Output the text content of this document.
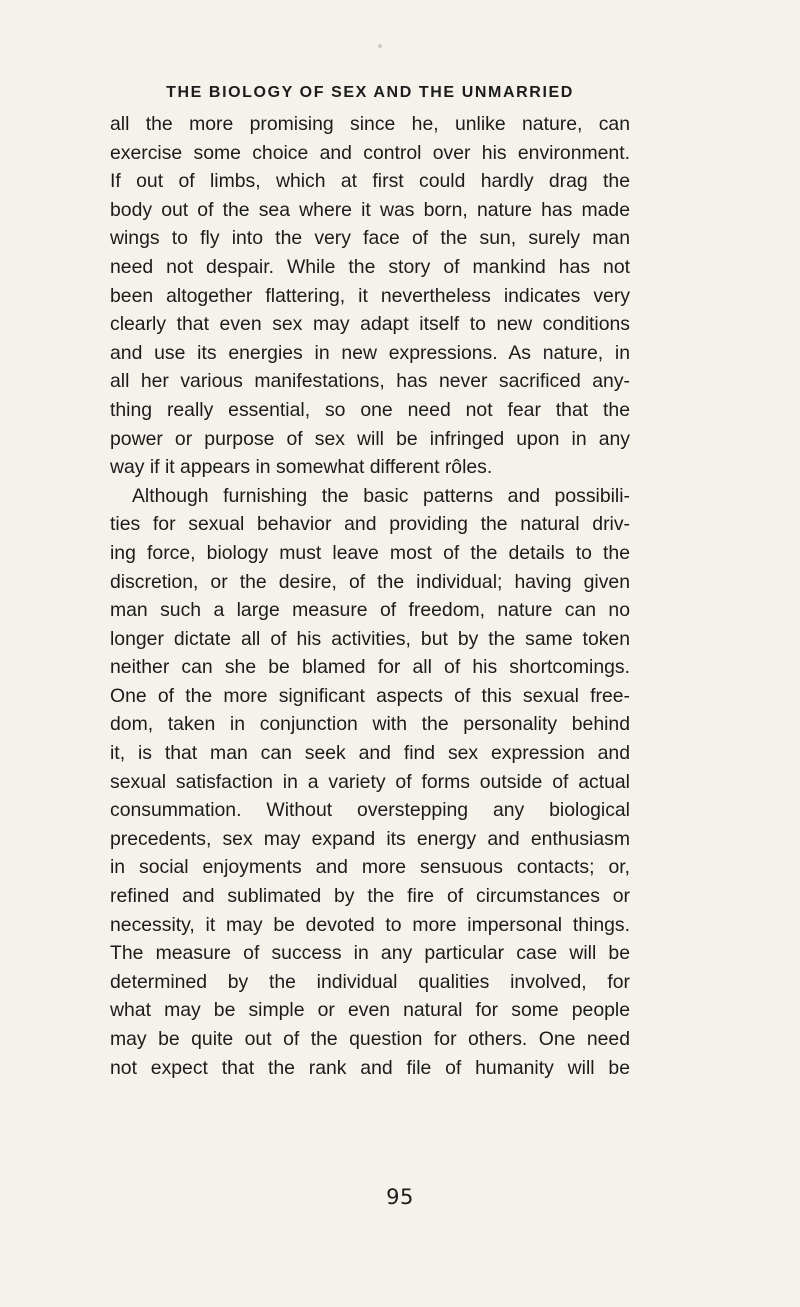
THE BIOLOGY OF SEX AND THE UNMARRIED
all the more promising since he, unlike nature, can
exercise some choice and control over his environment.
If out of limbs, which at first could hardly drag the
body out of the sea where it was born, nature has made
wings to fly into the very face of the sun, surely man
need not despair. While the story of mankind has not
been altogether flattering, it nevertheless indicates very
clearly that even sex may adapt itself to new conditions
and use its energies in new expressions. As nature, in
all her various manifestations, has never sacrificed any-
thing really essential, so one need not fear that the
power or purpose of sex will be infringed upon in any
way if it appears in somewhat different rôles.
Although furnishing the basic patterns and possibili-
ties for sexual behavior and providing the natural driv-
ing force, biology must leave most of the details to the
discretion, or the desire, of the individual; having given
man such a large measure of freedom, nature can no
longer dictate all of his activities, but by the same token
neither can she be blamed for all of his shortcomings.
One of the more significant aspects of this sexual free-
dom, taken in conjunction with the personality behind
it, is that man can seek and find sex expression and
sexual satisfaction in a variety of forms outside of actual
consummation. Without overstepping any biological
precedents, sex may expand its energy and enthusiasm
in social enjoyments and more sensuous contacts; or,
refined and sublimated by the fire of circumstances or
necessity, it may be devoted to more impersonal things.
The measure of success in any particular case will be
determined by the individual qualities involved, for
what may be simple or even natural for some people
may be quite out of the question for others. One need
not expect that the rank and file of humanity will be
95
